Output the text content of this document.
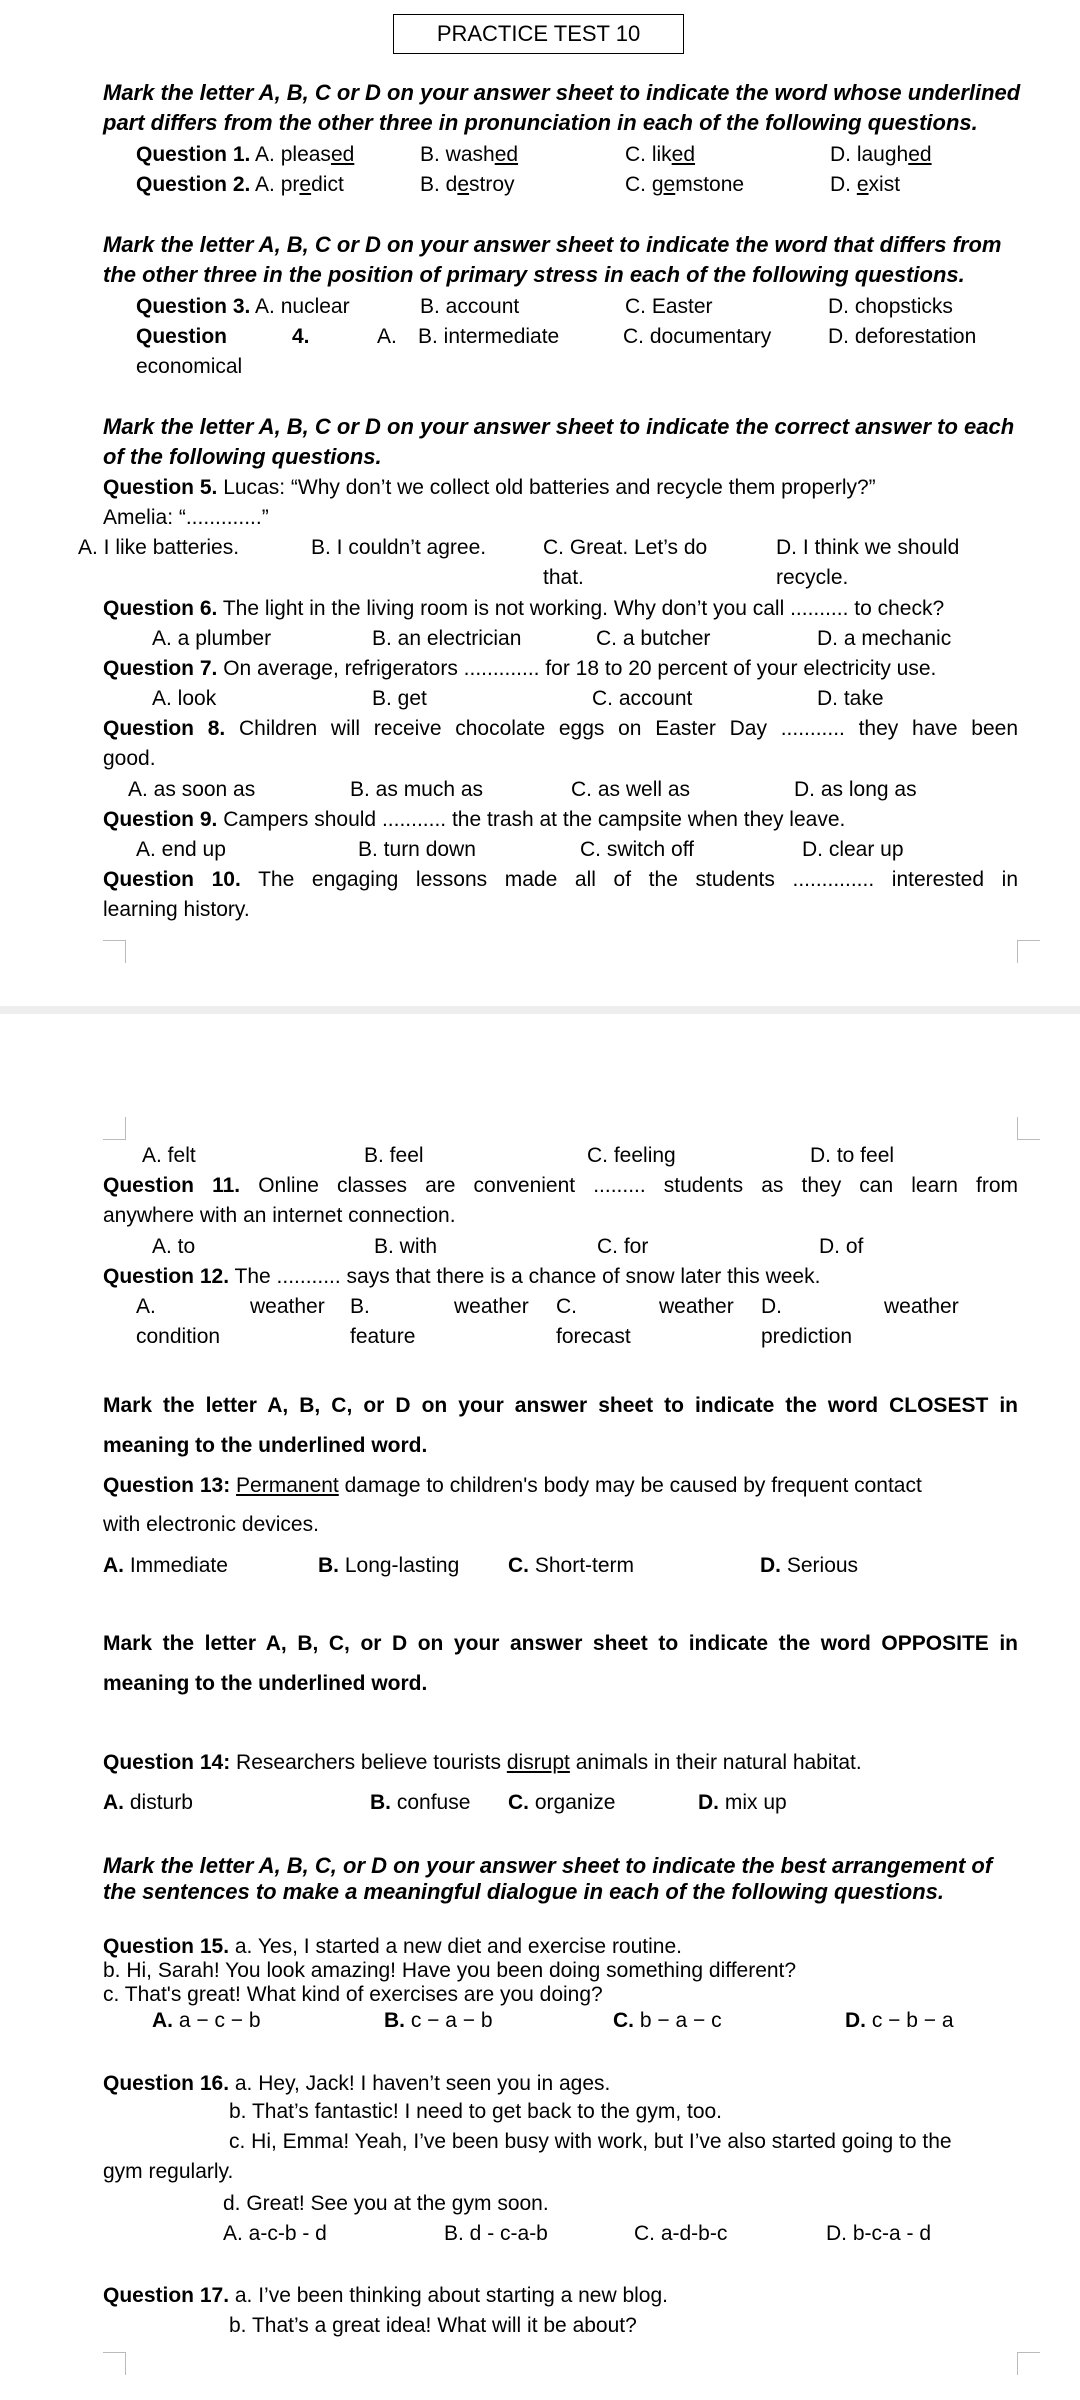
PRACTICE TEST 10
Mark the letter A, B, C or D on your answer sheet to indicate the word whose underlined part differs from the other three in pronunciation in each of the following questions.
Question 1. A. pleased	B. washed	C. liked	D. laughed
Question 2. A. predict	B. destroy	C. gemstone	D. exist
Mark the letter A, B, C or D on your answer sheet to indicate the word that differs from the other three in the position of primary stress in each of the following questions.
Question 3. A. nuclear	B. account	C. Easter	D. chopsticks
Question	4.	A. B. intermediate	C. documentary	D. deforestation
economical
Mark the letter A, B, C or D on your answer sheet to indicate the correct answer to each of the following questions.
Question 5. Lucas: “Why don’t we collect old batteries and recycle them properly?”
Amelia: “.............”
A. I like batteries.	B. I couldn’t agree.	C. Great. Let’s do
that.
D. I think we should
recycle.
Question 6. The light in the living room is not working. Why don’t you call .......... to check?
A. a plumber	B. an electrician	C. a butcher	D. a mechanic
Question 7. On average, refrigerators ............. for 18 to 20 percent of your electricity use.
A. look	B. get	C. account	D. take
Question 8. Children will receive chocolate eggs on Easter Day ........... they have been
good.
A. as soon as	B. as much as	C. as well as	D. as long as
Question 9. Campers should ........... the trash at the campsite when they leave.
A. end up	B. turn down	C. switch off	D. clear up
Question 10. The engaging lessons made all of the students .............. interested in
learning history.
A. felt	B. feel	C. feeling	D. to feel
Question 11. Online classes are convenient ......... students as they can learn from
anywhere with an internet connection.
A. to	B. with	C. for	D. of
Question 12. The ........... says that there is a chance of snow later this week.
A.	weather
condition
B.	weather
feature
C.	weather
forecast
D.	weather
prediction
Mark the letter A, B, C, or D on your answer sheet to indicate the word CLOSEST in meaning to the underlined word.
Question 13: Permanent damage to children's body may be caused by frequent contact
with electronic devices.
A. Immediate	B. Long-lasting C. Short-term	D. Serious
Mark the letter A, B, C, or D on your answer sheet to indicate the word OPPOSITE in meaning to the underlined word.
Question 14: Researchers believe tourists disrupt animals in their natural habitat.
A. disturb	B. confuse C. organize	D. mix up
Mark the letter A, B, C, or D on your answer sheet to indicate the best arrangement of the sentences to make a meaningful dialogue in each of the following questions.
Question 15. a. Yes, I started a new diet and exercise routine.
b. Hi, Sarah! You look amazing! Have you been doing something different?
c. That's great! What kind of exercises are you doing?
A. a − c − b	B. c − a − b	C. b − a − c	D. c − b − a
Question 16. a. Hey, Jack! I haven’t seen you in ages.
b. That’s fantastic! I need to get back to the gym, too.
c. Hi, Emma! Yeah, I’ve been busy with work, but I’ve also started going to the
gym regularly.
d. Great! See you at the gym soon.
A. a-c-b - d	B. d - c-a-b	C. a-d-b-c	D. b-c-a - d
Question 17. a. I’ve been thinking about starting a new blog.
b. That’s a great idea! What will it be about?
